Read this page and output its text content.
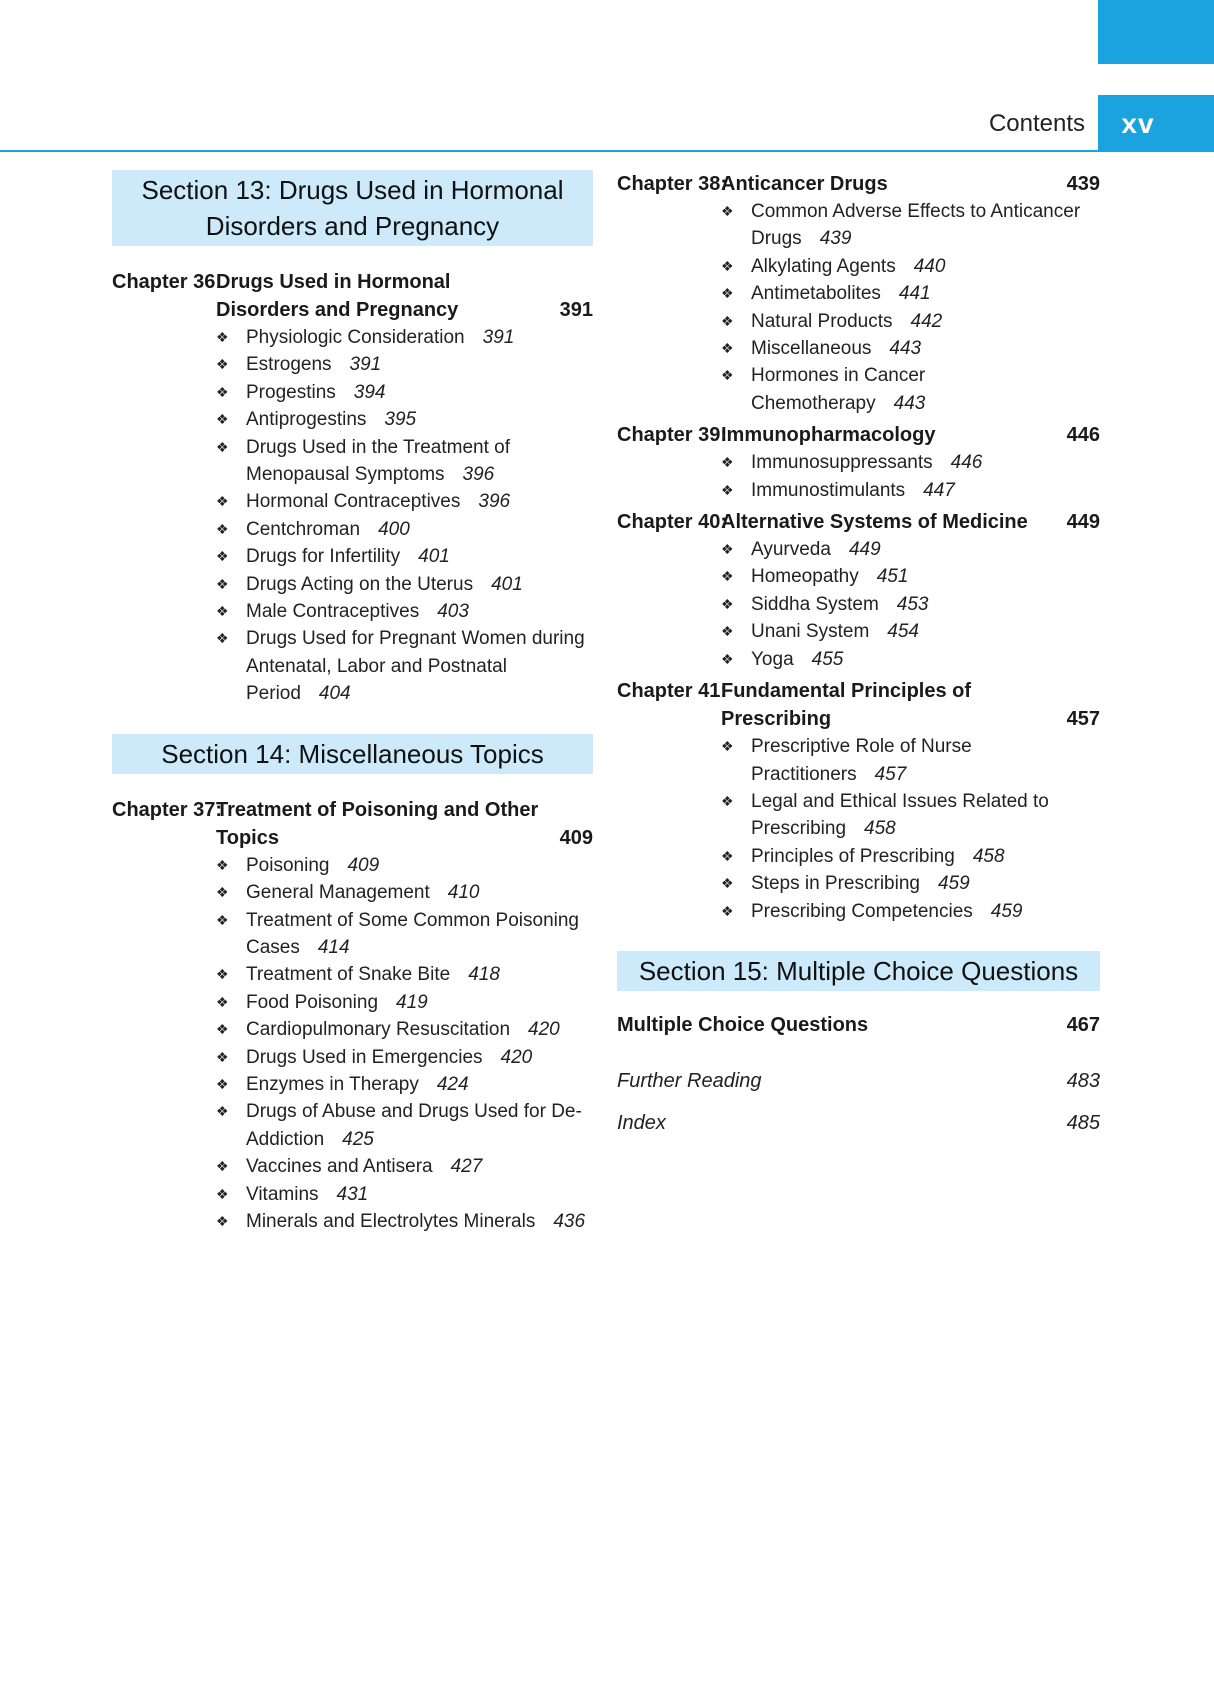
Contents	xv
Section 13: Drugs Used in Hormonal
Disorders and Pregnancy
Chapter 36:
Drugs Used in Hormonal Disorders and Pregnancy	391
❖ Physiologic Consideration 391
❖ Estrogens 391
❖ Progestins 394
❖ Antiprogestins 395
❖ Drugs Used in the Treatment of Menopausal Symptoms 396
❖ Hormonal Contraceptives 396
❖ Centchroman 400
❖ Drugs for Infertility 401
❖ Drugs Acting on the Uterus 401
❖ Male Contraceptives 403
❖ Drugs Used for Pregnant Women during Antenatal, Labor and Postnatal Period 404
Section 14: Miscellaneous Topics
Chapter 37:
Treatment of Poisoning and Other Topics	409
❖ Poisoning 409
❖ General Management 410
❖ Treatment of Some Common Poisoning Cases 414
❖ Treatment of Snake Bite 418
❖ Food Poisoning 419
❖ Cardiopulmonary Resuscitation 420
❖ Drugs Used in Emergencies 420
❖ Enzymes in Therapy 424
❖ Drugs of Abuse and Drugs Used for De-Addiction 425
❖ Vaccines and Antisera 427
❖ Vitamins 431
❖ Minerals and Electrolytes Minerals 436
Chapter 38:
Anticancer Drugs	439
❖ Common Adverse Effects to Anticancer Drugs 439
❖ Alkylating Agents 440
❖ Antimetabolites 441
❖ Natural Products 442
❖ Miscellaneous 443
❖ Hormones in Cancer Chemotherapy 443
Chapter 39:
Immunopharmacology	446
❖ Immunosuppressants 446
❖ Immunostimulants 447
Chapter 40:
Alternative Systems of Medicine 449
❖ Ayurveda 449
❖ Homeopathy 451
❖ Siddha System 453
❖ Unani System 454
❖ Yoga 455
Chapter 41:
Fundamental Principles of Prescribing	457
❖ Prescriptive Role of Nurse Practitioners 457
❖ Legal and Ethical Issues Related to Prescribing 458
❖ Principles of Prescribing 458
❖ Steps in Prescribing 459
❖ Prescribing Competencies 459
Section 15: Multiple Choice Questions
Multiple Choice Questions	467
Further Reading	483
Index	485
